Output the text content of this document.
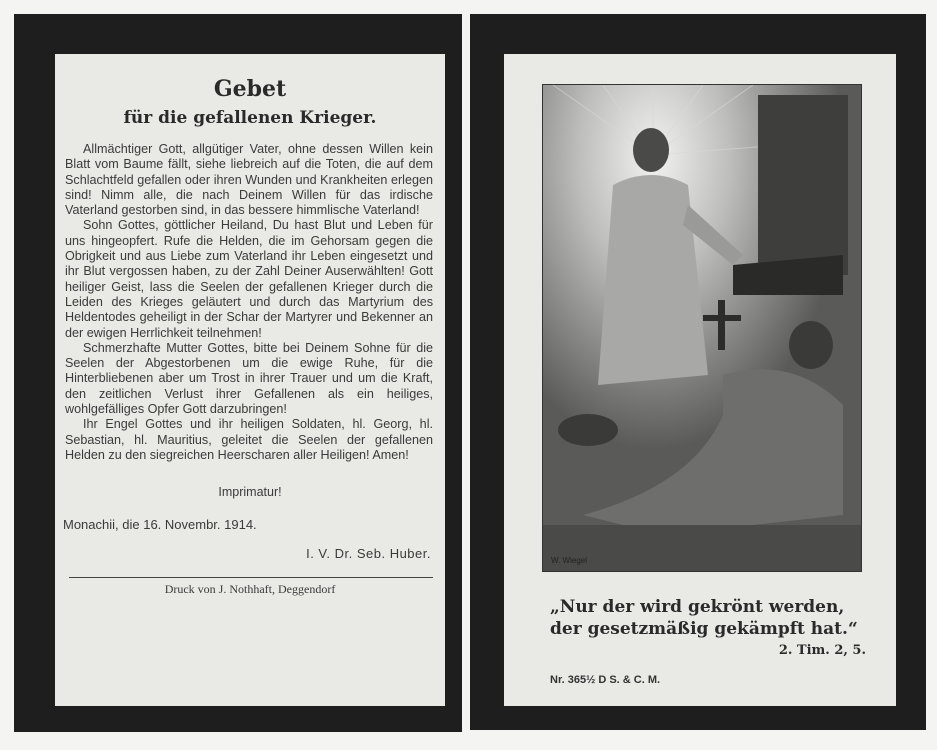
Gebet
für die gefallenen Krieger.

Allmächtiger Gott, allgütiger Vater, ohne dessen Willen kein Blatt vom Baume fällt, siehe liebreich auf die Toten, die auf dem Schlachtfeld gefallen oder ihren Wunden und Krankheiten erlegen sind! Nimm alle, die nach Deinem Willen für das irdische Vaterland gestorben sind, in das bessere himmlische Vaterland!

Sohn Gottes, göttlicher Heiland, Du hast Blut und Leben für uns hingeopfert. Rufe die Helden, die im Gehorsam gegen die Obrigkeit und aus Liebe zum Vaterland ihr Leben eingesetzt und ihr Blut vergossen haben, zu der Zahl Deiner Auserwählten! Gott heiliger Geist, lass die Seelen der gefallenen Krieger durch die Leiden des Krieges geläutert und durch das Martyrium des Heldentodes geheiligt in der Schar der Martyrer und Bekenner an der ewigen Herrlichkeit teilnehmen!

Schmerzhafte Mutter Gottes, bitte bei Deinem Sohne für die Seelen der Abgestorbenen um die ewige Ruhe, für die Hinterbliebenen aber um Trost in ihrer Trauer und um die Kraft, den zeitlichen Verlust ihrer Gefallenen als ein heiliges, wohlgefälliges Opfer Gott darzubringen!

Ihr Engel Gottes und ihr heiligen Soldaten, hl. Georg, hl. Sebastian, hl. Mauritius, geleitet die Seelen der gefallenen Helden zu den siegreichen Heerscharen aller Heiligen! Amen!

Imprimatur!
Monachii, die 16. Novembr. 1914.
I. V. Dr. Seb. Huber.
Druck von J. Nothhaft, Deggendorf
W. Wiegel
„Nur der wird gekrönt werden,
der gesetzmäßig gekämpft hat.“
2. Tim. 2, 5.
Nr. 365½ D S. & C. M.
